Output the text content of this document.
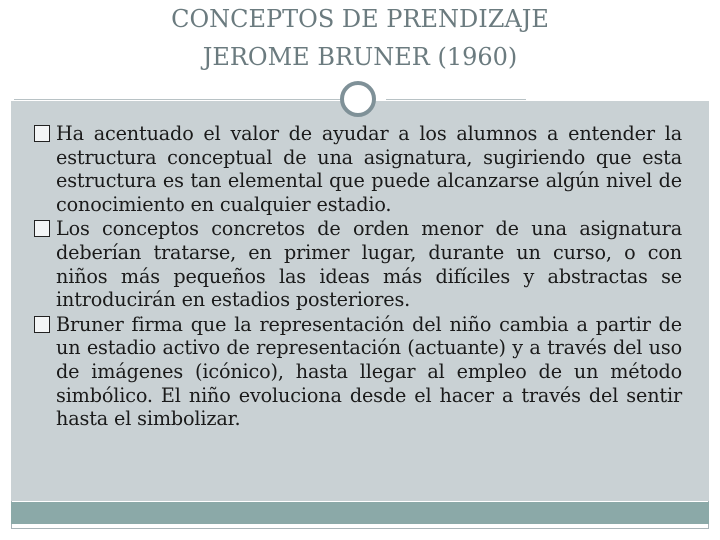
CONCEPTOS DE PRENDIZAJE
JEROME BRUNER (1960)

Ha acentuado el valor de ayudar a los alumnos a entender la estructura conceptual de una asignatura, sugiriendo que esta estructura es tan elemental que puede alcanzarse algún nivel de conocimiento en cualquier estadio.

Los conceptos concretos de orden menor de una asignatura deberían tratarse, en primer lugar, durante un curso, o con niños más pequeños las ideas más difíciles y abstractas se introducirán en estadios posteriores.

Bruner firma que la representación del niño cambia a partir de un estadio activo de representación (actuante) y a través del uso de imágenes (icónico), hasta llegar al empleo de un método simbólico. El niño evoluciona desde el hacer a través del sentir hasta el simbolizar.
